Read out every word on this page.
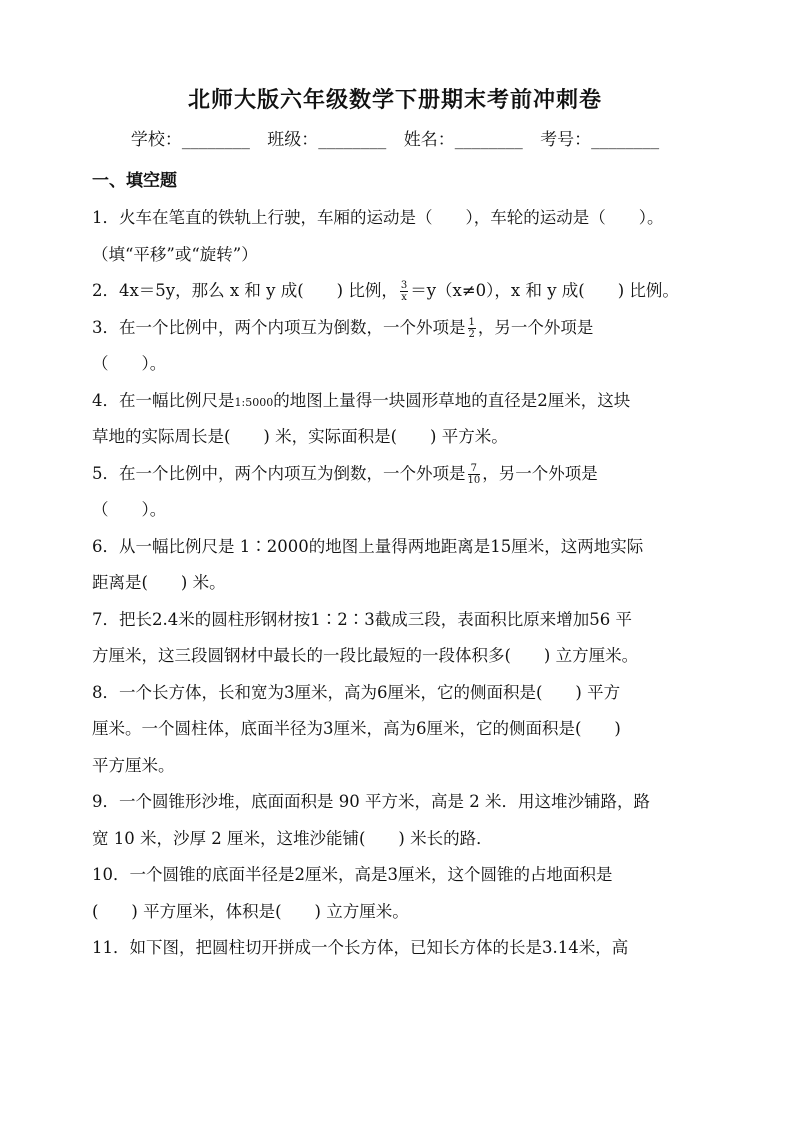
北师大版六年级数学下册期末考前冲刺卷
学校：________ 班级：________ 姓名：________ 考号：________
一、填空题
1．火车在笔直的铁轨上行驶，车厢的运动是（　　），车轮的运动是（　　）。
（填“平移”或“旋转”）
2．4x＝5y，那么 x 和 y 成(　　) 比例， $\frac{3}{x} =y(x\ne 0)$，x 和 y 成(　　) 比例。
3．在一个比例中，两个内项互为倒数，一个外项是 $\frac{1}{2}$ ，另一个外项是
（　　）。
4．在一幅比例尺是1:5000的地图上量得一块圆形草地的直径是2厘米，这块
草地的实际周长是(　　) 米，实际面积是(　　) 平方米。
5．在一个比例中，两个内项互为倒数，一个外项是 $\frac{7}{10}$ ，另一个外项是
（　　）。
6．从一幅比例尺是 1∶2000的地图上量得两地距离是15厘米，这两地实际
距离是(　　) 米。
7．把长2.4米的圆柱形钢材按1∶2∶3截成三段，表面积比原来增加56 平
方厘米，这三段圆钢材中最长的一段比最短的一段体积多(　　) 立方厘米。
8．一个长方体，长和宽为3厘米，高为6厘米，它的侧面积是(　　) 平方
厘米。一个圆柱体，底面半径为3厘米，高为6厘米，它的侧面积是(　　)
平方厘米。
9．一个圆锥形沙堆，底面面积是 90 平方米，高是 2 米．用这堆沙铺路，路
宽 10 米，沙厚 2 厘米，这堆沙能铺(　　) 米长的路．
10．一个圆锥的底面半径是2厘米，高是3厘米，这个圆锥的占地面积是
(　　) 平方厘米，体积是(　　) 立方厘米。
11．如下图，把圆柱切开拼成一个长方体，已知长方体的长是3.14米，高
